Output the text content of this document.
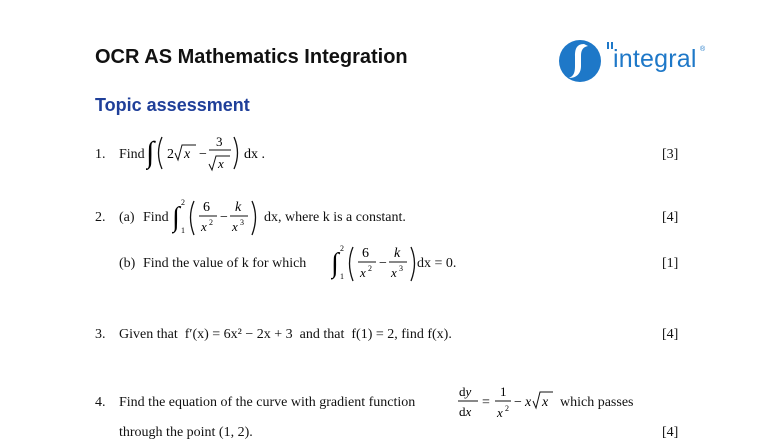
OCR AS Mathematics Integration
Topic assessment
integral ®
1. Find ∫ 2 x −
3
x
dx .	[3]
2. (a) Find ∫ 2
1
6
x 2 −
k
x 3 dx, where k is a constant.	[4]
(b) Find the value of k for which ∫ 2
1
6
x 2 −
k
x 3 dx = 0.	[1]
3. Given that f′(x) = 6x² − 2x + 3 and that f(1) = 2, find f(x).	[4]
4. Find the equation of the curve with gradient function
dy
dx
=
1
x 2 − x x which passes
through the point (1, 2).	[4]
